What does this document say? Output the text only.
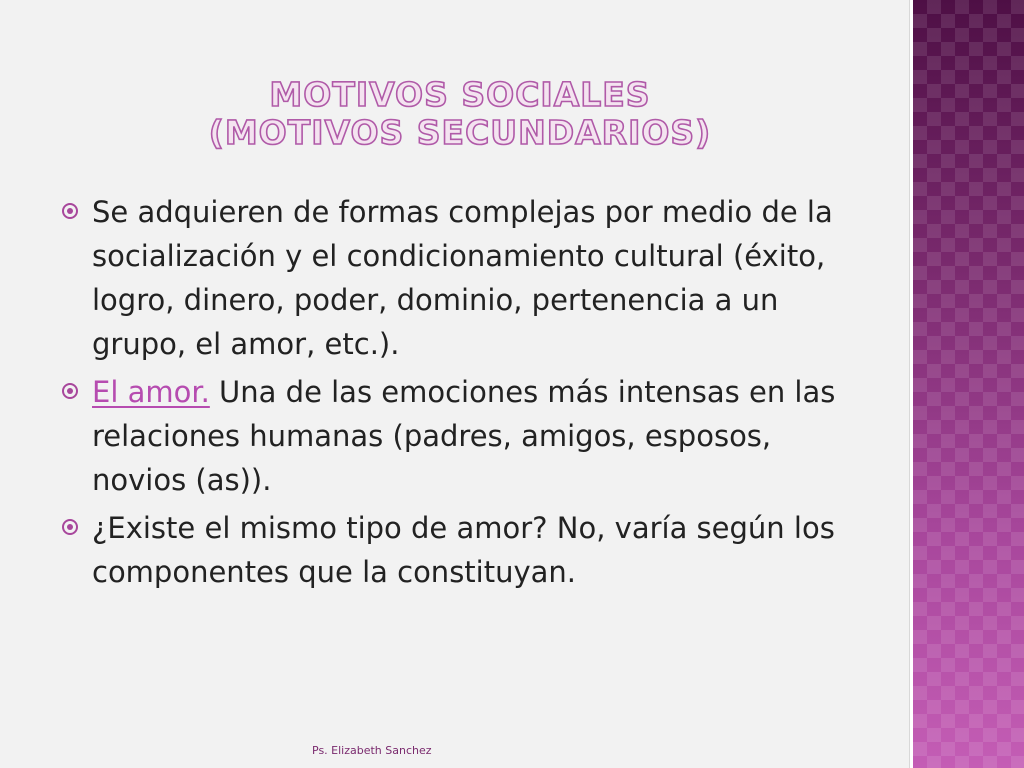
MOTIVOS SOCIALES
(MOTIVOS SECUNDARIOS)
Se adquieren de formas complejas por medio de la socialización y el condicionamiento cultural (éxito, logro, dinero, poder, dominio, pertenencia a un grupo, el amor, etc.).
El amor. Una de las emociones más intensas en las relaciones humanas (padres, amigos, esposos, novios (as)).
¿Existe el mismo tipo de amor? No, varía según los componentes que la constituyan.
Ps. Elizabeth Sanchez
